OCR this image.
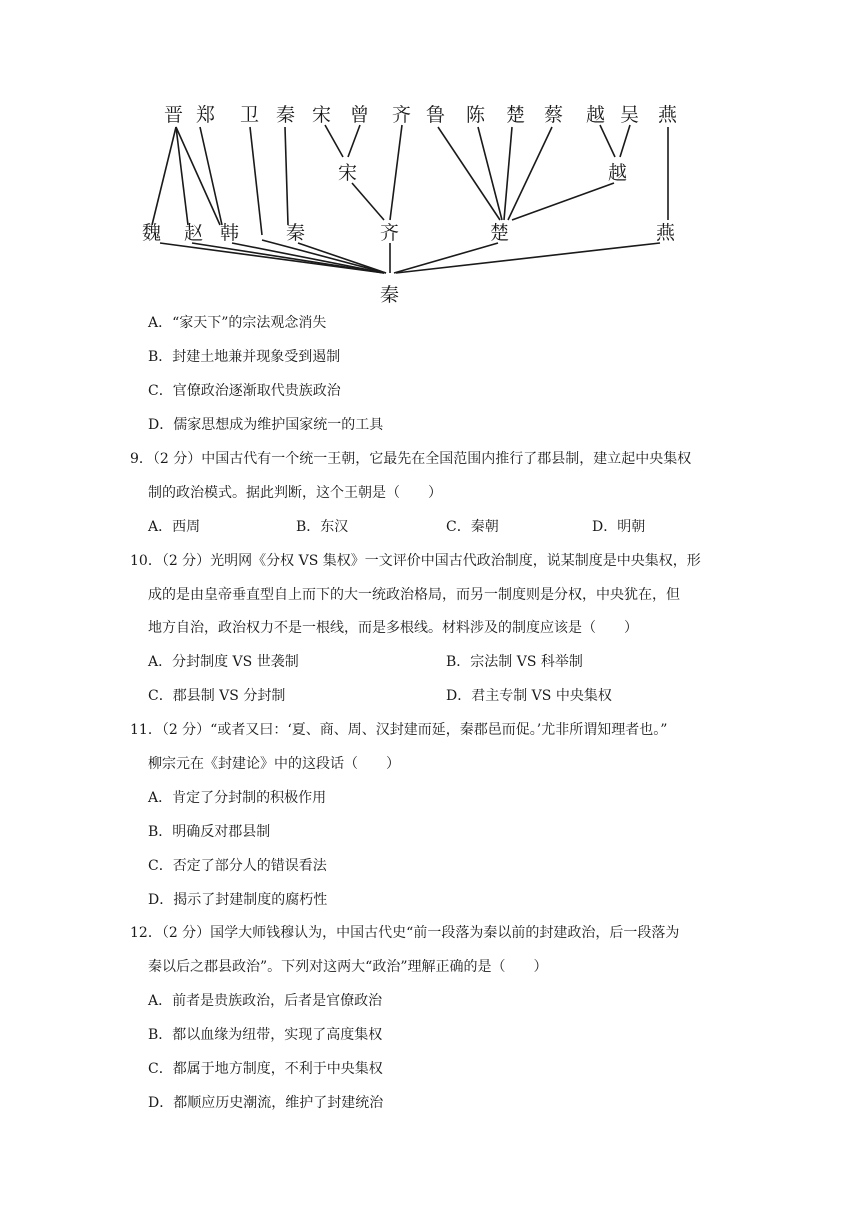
晋 郑 卫 秦 宋 曾 齐 鲁 陈 楚 蔡 越 吴 燕
宋	越
魏 赵 韩 秦	齐	楚	燕
秦
A．“家天下”的宗法观念消失
B．封建土地兼并现象受到遏制
C．官僚政治逐渐取代贵族政治
D．儒家思想成为维护国家统一的工具
9．（2 分）中国古代有一个统一王朝，它最先在全国范围内推行了郡县制，建立起中央集权
制的政治模式。据此判断，这个王朝是（　　）
A．西周	B．东汉	C．秦朝	D．明朝
10．（2 分）光明网《分权 VS 集权》一文评价中国古代政治制度，说某制度是中央集权，形
成的是由皇帝垂直型自上而下的大一统政治格局，而另一制度则是分权，中央犹在，但
地方自治，政治权力不是一根线，而是多根线。材料涉及的制度应该是（　　）
A．分封制度 VS 世袭制	B．宗法制 VS 科举制
C．郡县制 VS 分封制	D．君主专制 VS 中央集权
11．（2 分）“或者又曰：‘夏、商、周、汉封建而延，秦郡邑而促。’尤非所谓知理者也。”
柳宗元在《封建论》中的这段话（　　）
A．肯定了分封制的积极作用
B．明确反对郡县制
C．否定了部分人的错误看法
D．揭示了封建制度的腐朽性
12．（2 分）国学大师钱穆认为，中国古代史“前一段落为秦以前的封建政治，后一段落为
秦以后之郡县政治”。下列对这两大“政治”理解正确的是（　　）
A．前者是贵族政治，后者是官僚政治
B．都以血缘为纽带，实现了高度集权
C．都属于地方制度，不利于中央集权
D．都顺应历史潮流，维护了封建统治
